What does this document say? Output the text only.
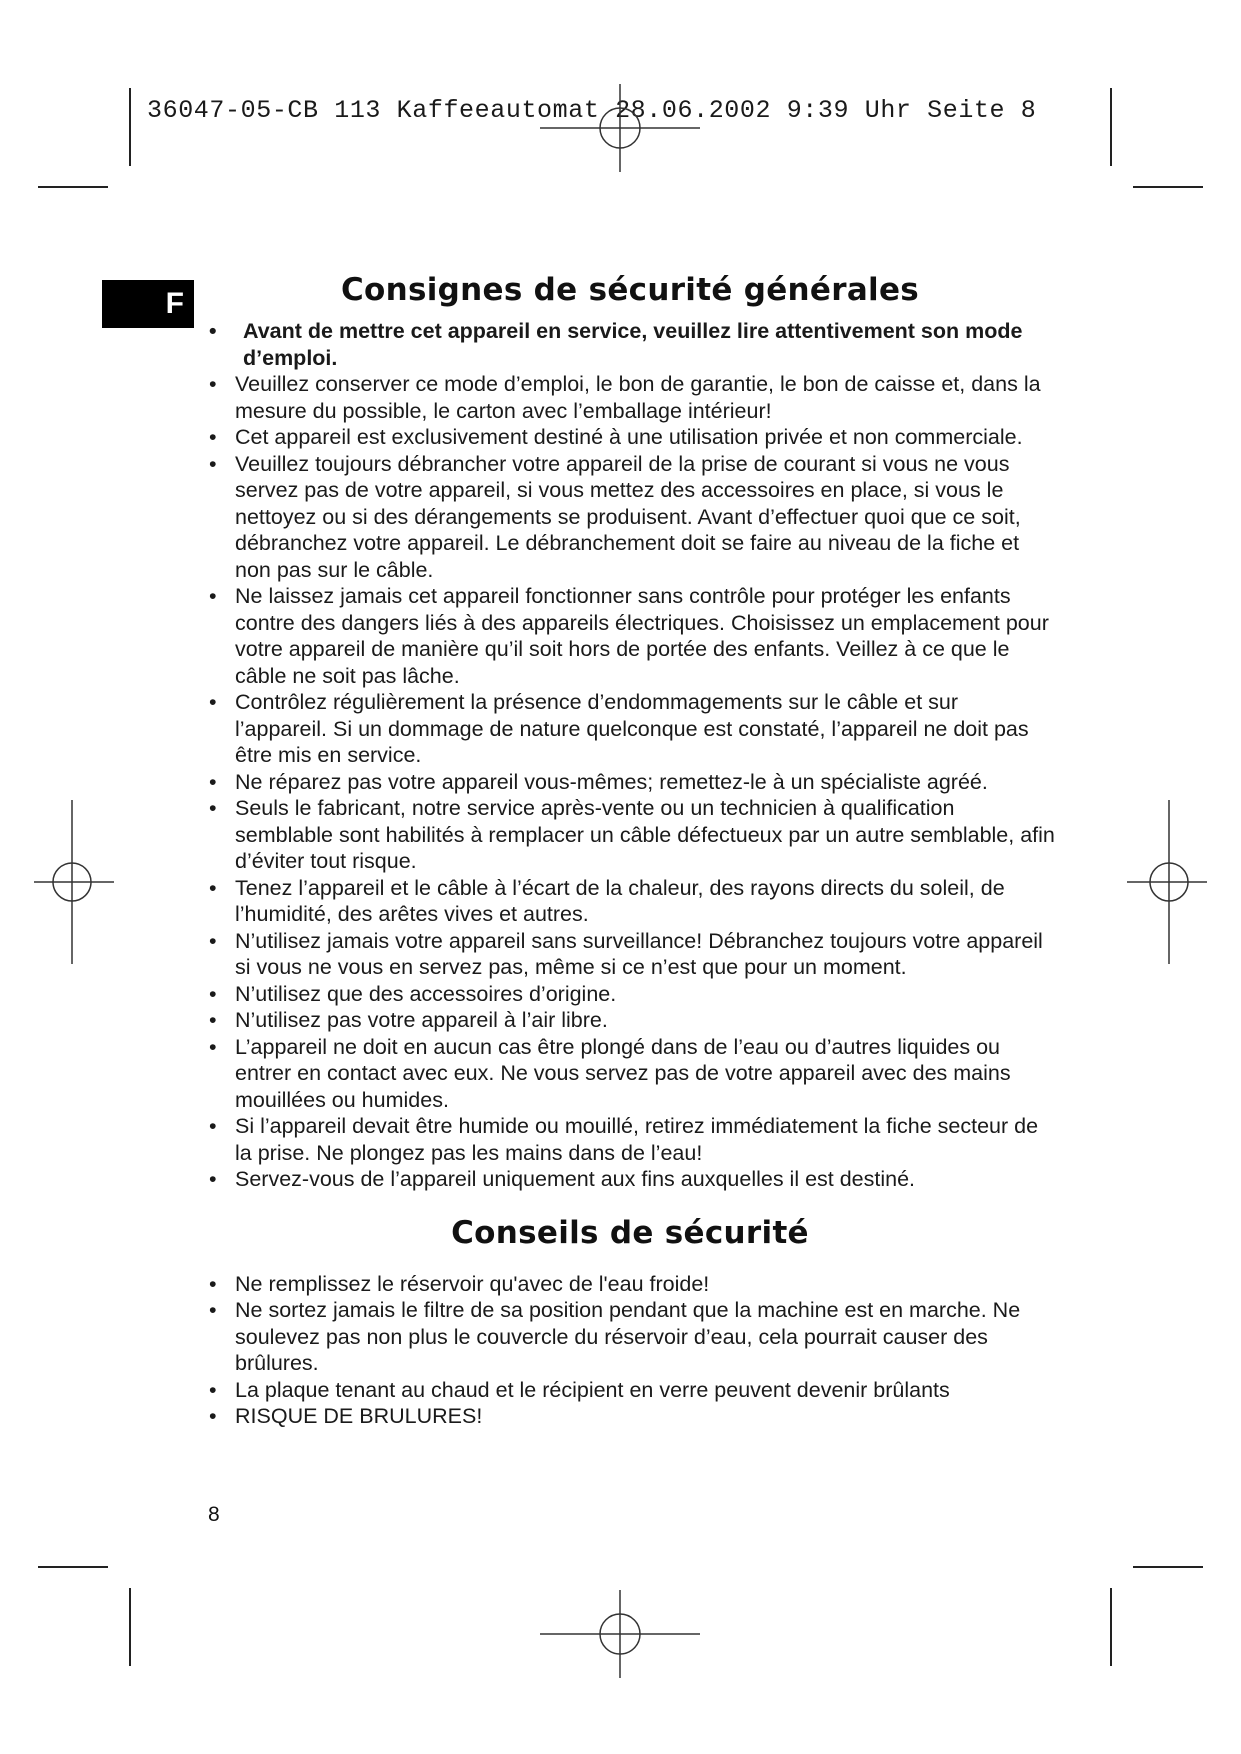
36047-05-CB 113 Kaffeeautomat 28.06.2002 9:39 Uhr Seite 8
F	Consignes de sécurité générales
• Avant de mettre cet appareil en service, veuillez lire attentivement son mode d’emploi.
• Veuillez conserver ce mode d’emploi, le bon de garantie, le bon de caisse et, dans la mesure du possible, le carton avec l’emballage intérieur!
• Cet appareil est exclusivement destiné à une utilisation privée et non commerciale.
• Veuillez toujours débrancher votre appareil de la prise de courant si vous ne vous servez pas de votre appareil, si vous mettez des accessoires en place, si vous le nettoyez ou si des dérangements se produisent. Avant d’effectuer quoi que ce soit, débranchez votre appareil. Le débranchement doit se faire au niveau de la fiche et non pas sur le câble.
• Ne laissez jamais cet appareil fonctionner sans contrôle pour protéger les enfants contre des dangers liés à des appareils électriques. Choisissez un emplacement pour votre appareil de manière qu’il soit hors de portée des enfants. Veillez à ce que le câble ne soit pas lâche.
• Contrôlez régulièrement la présence d’endommagements sur le câble et sur l’appareil. Si un dommage de nature quelconque est constaté, l’appareil ne doit pas être mis en service.
• Ne réparez pas votre appareil vous-mêmes; remettez-le à un spécialiste agréé.
• Seuls le fabricant, notre service après-vente ou un technicien à qualification semblable sont habilités à remplacer un câble défectueux par un autre semblable, afin d’éviter tout risque.
• Tenez l’appareil et le câble à l’écart de la chaleur, des rayons directs du soleil, de l’humidité, des arêtes vives et autres.
• N’utilisez jamais votre appareil sans surveillance! Débranchez toujours votre appareil si vous ne vous en servez pas, même si ce n’est que pour un moment.
• N’utilisez que des accessoires d’origine.
• N’utilisez pas votre appareil à l’air libre.
• L’appareil ne doit en aucun cas être plongé dans de l’eau ou d’autres liquides ou entrer en contact avec eux. Ne vous servez pas de votre appareil avec des mains mouillées ou humides.
• Si l’appareil devait être humide ou mouillé, retirez immédiatement la fiche secteur de la prise. Ne plongez pas les mains dans de l’eau!
• Servez-vous de l’appareil uniquement aux fins auxquelles il est destiné.
Conseils de sécurité
• Ne remplissez le réservoir qu'avec de l'eau froide!
• Ne sortez jamais le filtre de sa position pendant que la machine est en marche. Ne soulevez pas non plus le couvercle du réservoir d’eau, cela pourrait causer des brûlures.
• La plaque tenant au chaud et le récipient en verre peuvent devenir brûlants
• RISQUE DE BRULURES!
8
